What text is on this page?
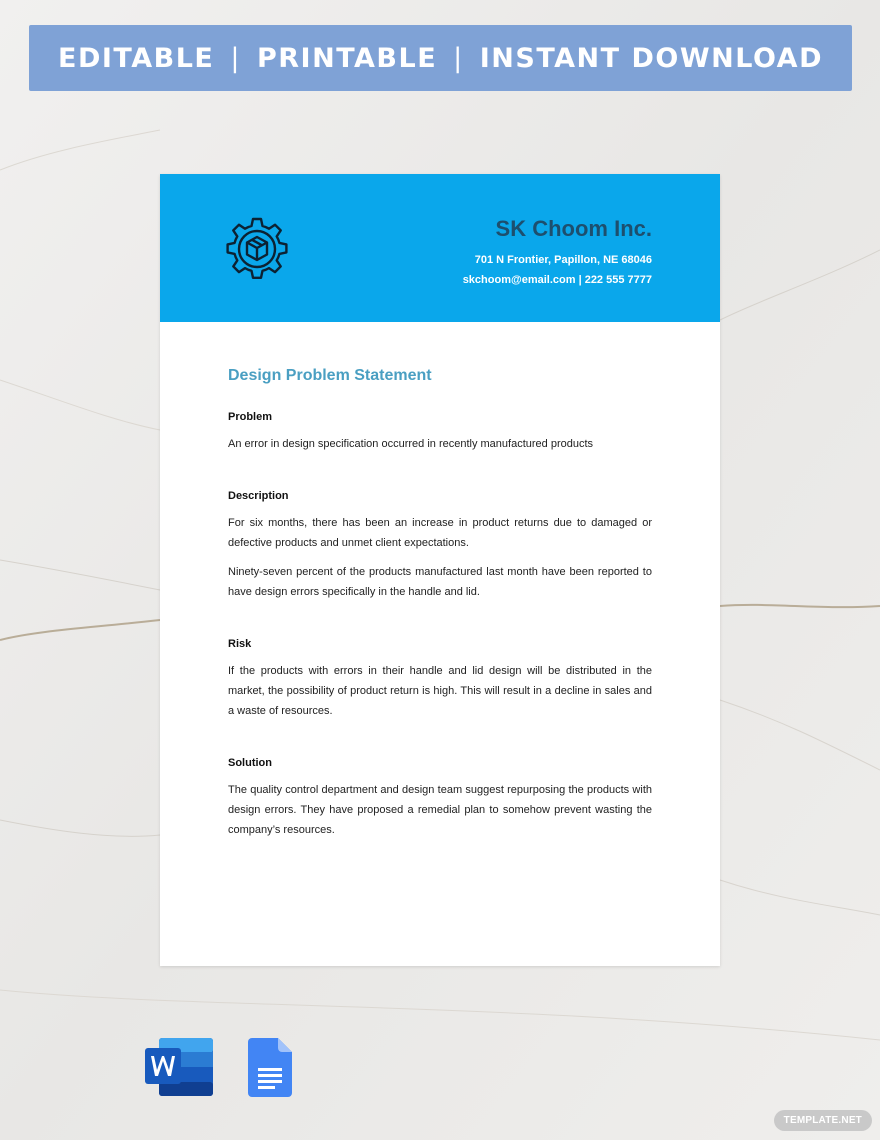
EDITABLE | PRINTABLE | INSTANT DOWNLOAD
SK Choom Inc.
701 N Frontier, Papillon, NE 68046
skchoom@email.com | 222 555 7777
Design Problem Statement
Problem

An error in design specification occurred in recently manufactured products

Description

For six months, there has been an increase in product returns due to damaged or defective products and unmet client expectations.

Ninety-seven percent of the products manufactured last month have been reported to have design errors specifically in the handle and lid.

Risk

If the products with errors in their handle and lid design will be distributed in the market, the possibility of product return is high. This will result in a decline in sales and a waste of resources.

Solution

The quality control department and design team suggest repurposing the products with design errors. They have proposed a remedial plan to somehow prevent wasting the company’s resources.

TEMPLATE.NET
